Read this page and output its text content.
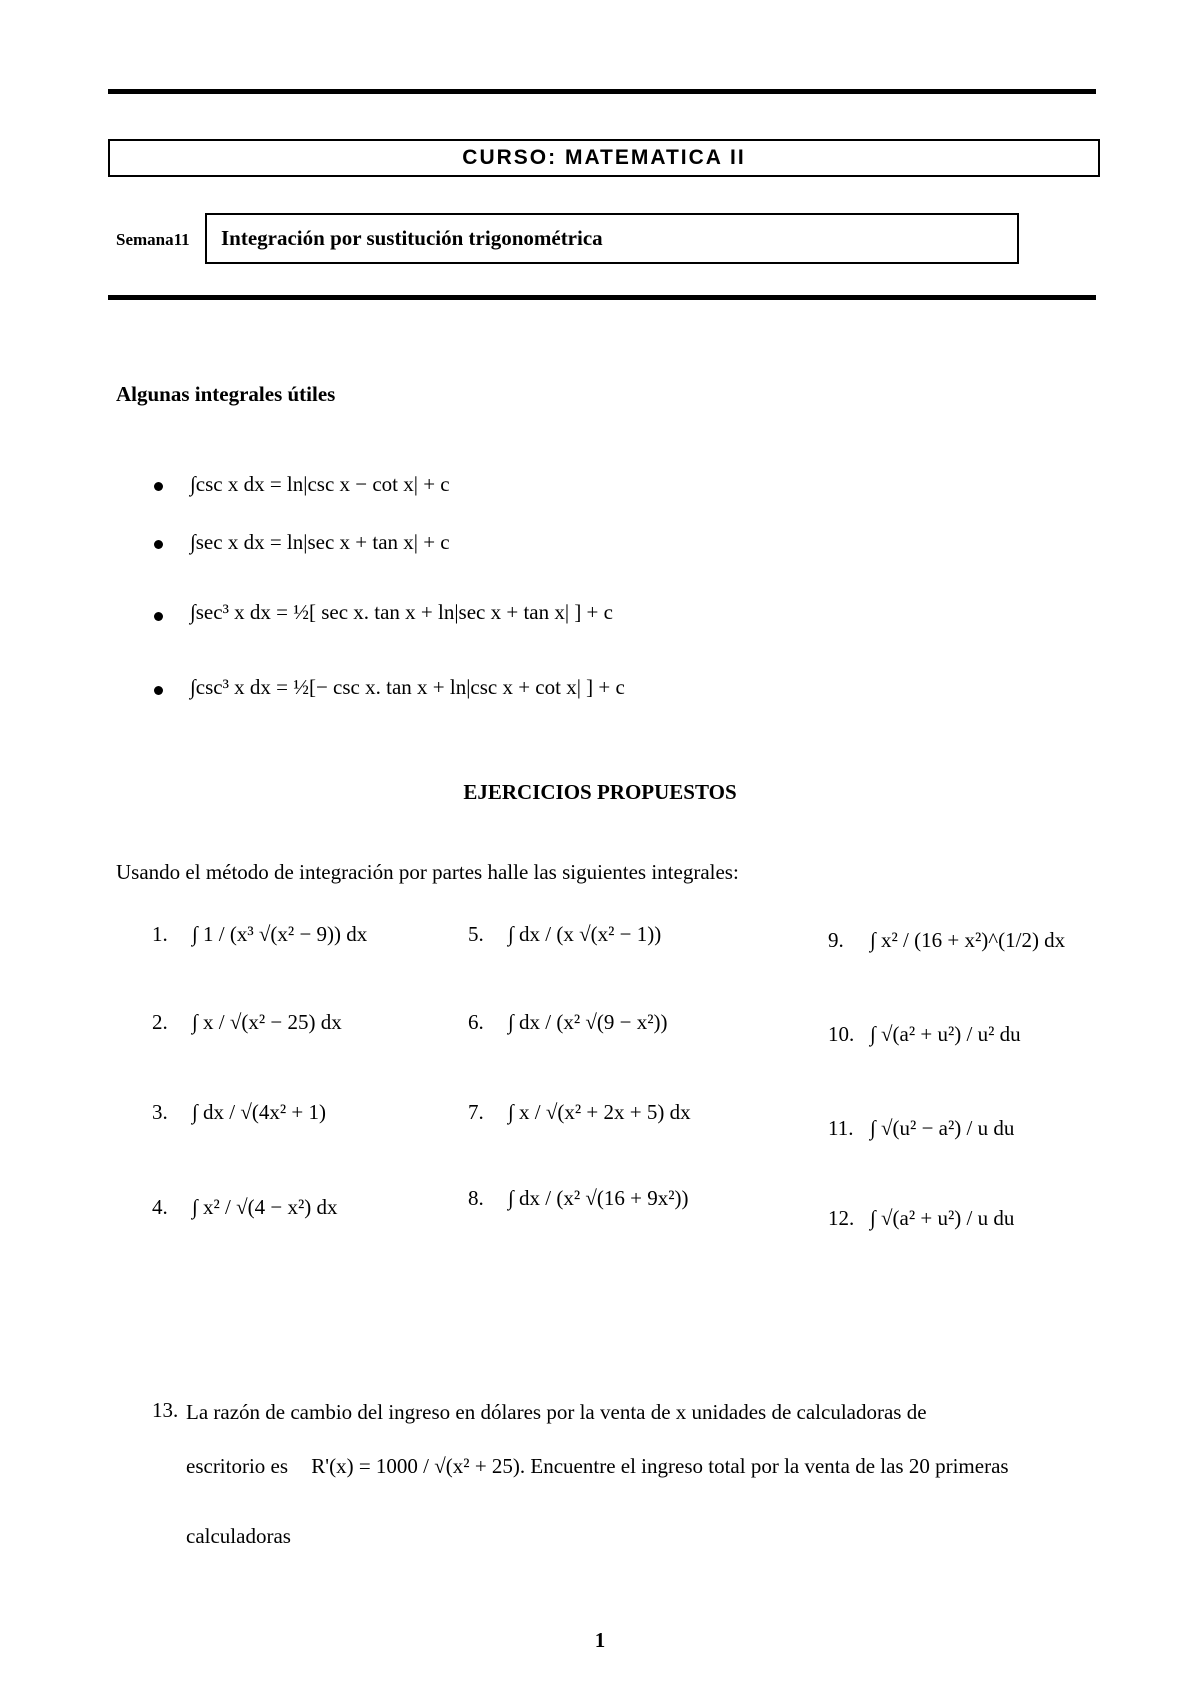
CURSO: MATEMATICA II
Semana11 Integración por sustitución trigonométrica
Algunas integrales útiles
∫csc x dx = ln|csc x − cot x| + c
∫sec x dx = ln|sec x + tan x| + c
∫sec³ x dx = ½[ sec x. tan x + ln|sec x + tan x| ] + c
∫csc³ x dx = ½[− csc x. tan x + ln|csc x + cot x| ] + c
EJERCICIOS PROPUESTOS
Usando el método de integración por partes halle las siguientes integrales:
1. ∫ 1 / (x³ √(x² − 9)) dx
2. ∫ x / √(x² − 25) dx
3. ∫ dx / √(4x² + 1)
4. ∫ x² / √(4 − x²) dx
5. ∫ dx / (x √(x² − 1))
6. ∫ dx / (x² √(9 − x²))
7. ∫ x / √(x² + 2x + 5) dx
8. ∫ dx / (x² √(16 + 9x²))
9. ∫ x² / (16 + x²)^(1/2) dx
10. ∫ √(a² + u²) / u² du
11. ∫ √(u² − a²) / u du
12. ∫ √(a² + u²) / u du
13. La razón de cambio del ingreso en dólares por la venta de x unidades de calculadoras de
escritorio es R'(x) = 1000 / √(x² + 25). Encuentre el ingreso total por la venta de las 20 primeras
calculadoras
1
